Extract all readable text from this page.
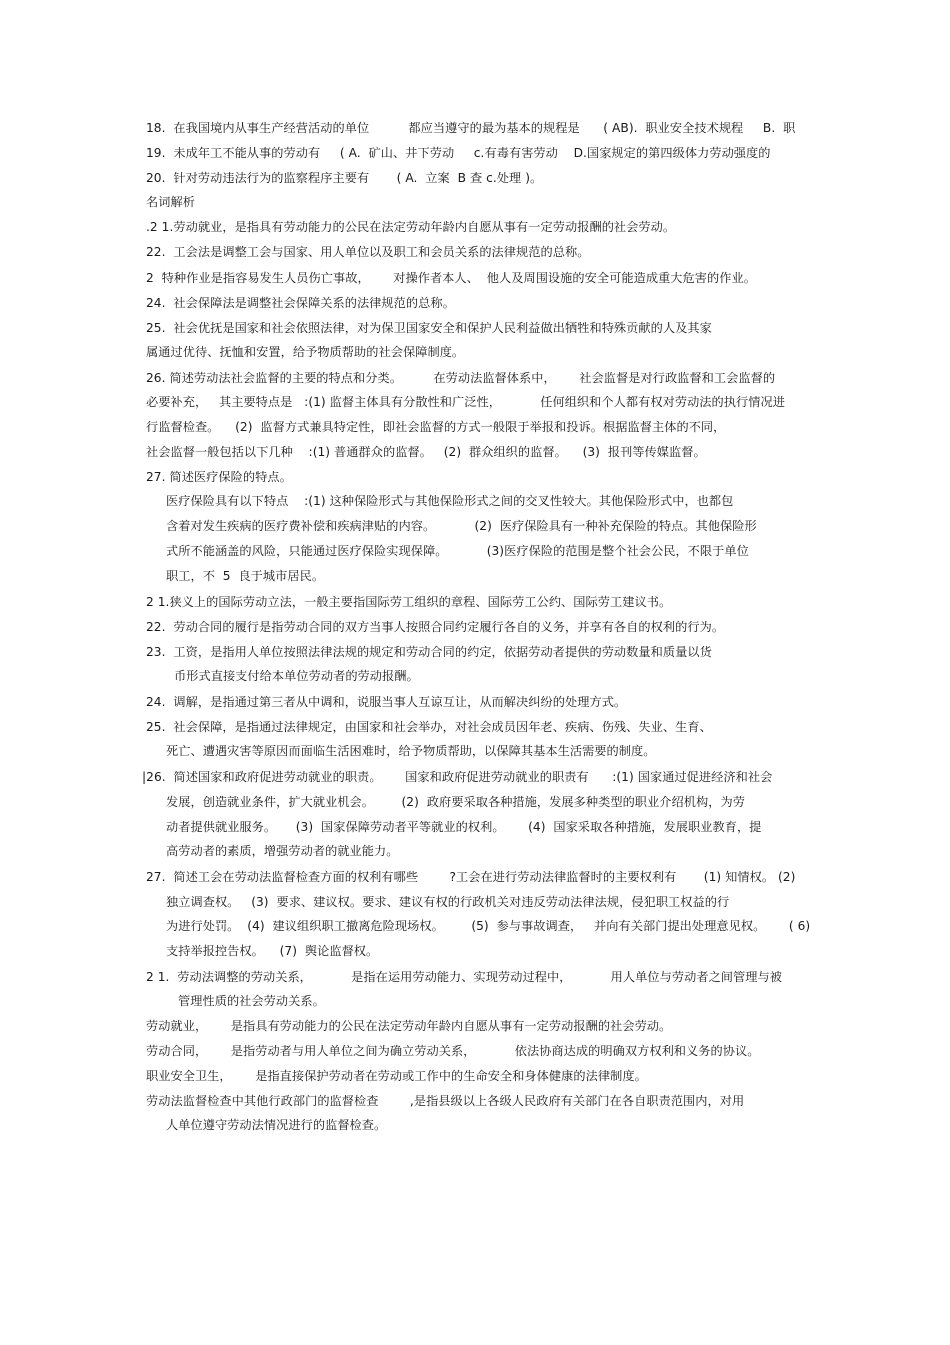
18.  在我国境内从事生产经营活动的单位          都应当遵守的最为基本的规程是      ( AB).  职业安全技术规程     B.  职
19.  未成年工不能从事的劳动有     ( A.  矿山、井下劳动     c.有毒有害劳动    D.国家规定的第四级体力劳动强度的
20.  针对劳动违法行为的监察程序主要有       ( A.  立案  B 查 c.处理 )。
名词解析
.2 1.劳动就业，是指具有劳动能力的公民在法定劳动年龄内自愿从事有一定劳动报酬的社会劳动。
22.  工会法是调整工会与国家、用人单位以及职工和会员关系的法律规范的总称。
2  特种作业是指容易发生人员伤亡事故，      对操作者本人、  他人及周围设施的安全可能造成重大危害的作业。
24.  社会保障法是调整社会保障关系的法律规范的总称。
25.  社会优抚是国家和社会依照法律，对为保卫国家安全和保护人民利益做出牺牲和特殊贡献的人及其家
属通过优待、抚恤和安置，给予物质帮助的社会保障制度。
26. 简述劳动法社会监督的主要的特点和分类。        在劳动法监督体系中，      社会监督是对行政监督和工会监督的
必要补充，   其主要特点是   :(1) 监督主体具有分散性和广泛性，          任何组织和个人都有权对劳动法的执行情况进
行监督检查。    (2)  监督方式兼具特定性，即社会监督的方式一般限于举报和投诉。根据监督主体的不同，
社会监督一般包括以下几种    :(1) 普通群众的监督。   (2)  群众组织的监督。    (3)  报刊等传媒监督。
27. 简述医疗保险的特点。
医疗保险具有以下特点    :(1) 这种保险形式与其他保险形式之间的交叉性较大。其他保险形式中，也都包
含着对发生疾病的医疗费补偿和疾病津贴的内容。          (2)  医疗保险具有一种补充保险的特点。其他保险形
式所不能涵盖的风险，只能通过医疗保险实现保障。          (3)医疗保险的范围是整个社会公民，不限于单位
职工，不  5  良于城市居民。
2 1.狭义上的国际劳动立法，一般主要指国际劳工组织的章程、国际劳工公约、国际劳工建议书。
22.  劳动合同的履行是指劳动合同的双方当事人按照合同约定履行各自的义务，并享有各自的权利的行为。
23.  工资，是指用人单位按照法律法规的规定和劳动合同的约定，依据劳动者提供的劳动数量和质量以货
币形式直接支付给本单位劳动者的劳动报酬。
24.  调解，是指通过第三者从中调和，说服当事人互谅互让，从而解决纠纷的处理方式。
25.  社会保障，是指通过法律规定，由国家和社会举办，对社会成员因年老、疾病、伤残、失业、生育、
死亡、遭遇灾害等原因而面临生活困难时，给予物质帮助，以保障其基本生活需要的制度。
|26.  简述国家和政府促进劳动就业的职责。      国家和政府促进劳动就业的职责有      :(1) 国家通过促进经济和社会
发展，创造就业条件，扩大就业机会。       (2)  政府要采取各种措施，发展多种类型的职业介绍机构，为劳
动者提供就业服务。     (3)  国家保障劳动者平等就业的权利。      (4)  国家采取各种措施，发展职业教育，提
高劳动者的素质，增强劳动者的就业能力。
27.  简述工会在劳动法监督检查方面的权利有哪些        ?工会在进行劳动法律监督时的主要权利有       (1) 知情权。 (2)
独立调查权。   (3)  要求、建议权。要求、建议有权的行政机关对违反劳动法律法规，侵犯职工权益的行
为进行处罚。  (4)  建议组织职工撤离危险现场权。       (5)  参与事故调查，   并向有关部门提出处理意见权。      ( 6)
支持举报控告权。    (7)  舆论监督权。
2 1.  劳动法调整的劳动关系，          是指在运用劳动能力、实现劳动过程中，          用人单位与劳动者之间管理与被
管理性质的社会劳动关系。
劳动就业，      是指具有劳动能力的公民在法定劳动年龄内自愿从事有一定劳动报酬的社会劳动。
劳动合同，      是指劳动者与用人单位之间为确立劳动关系，          依法协商达成的明确双方权利和义务的协议。
职业安全卫生，      是指直接保护劳动者在劳动或工作中的生命安全和身体健康的法律制度。
劳动法监督检查中其他行政部门的监督检查        ,是指县级以上各级人民政府有关部门在各自职责范围内，对用
人单位遵守劳动法情况进行的监督检查。
